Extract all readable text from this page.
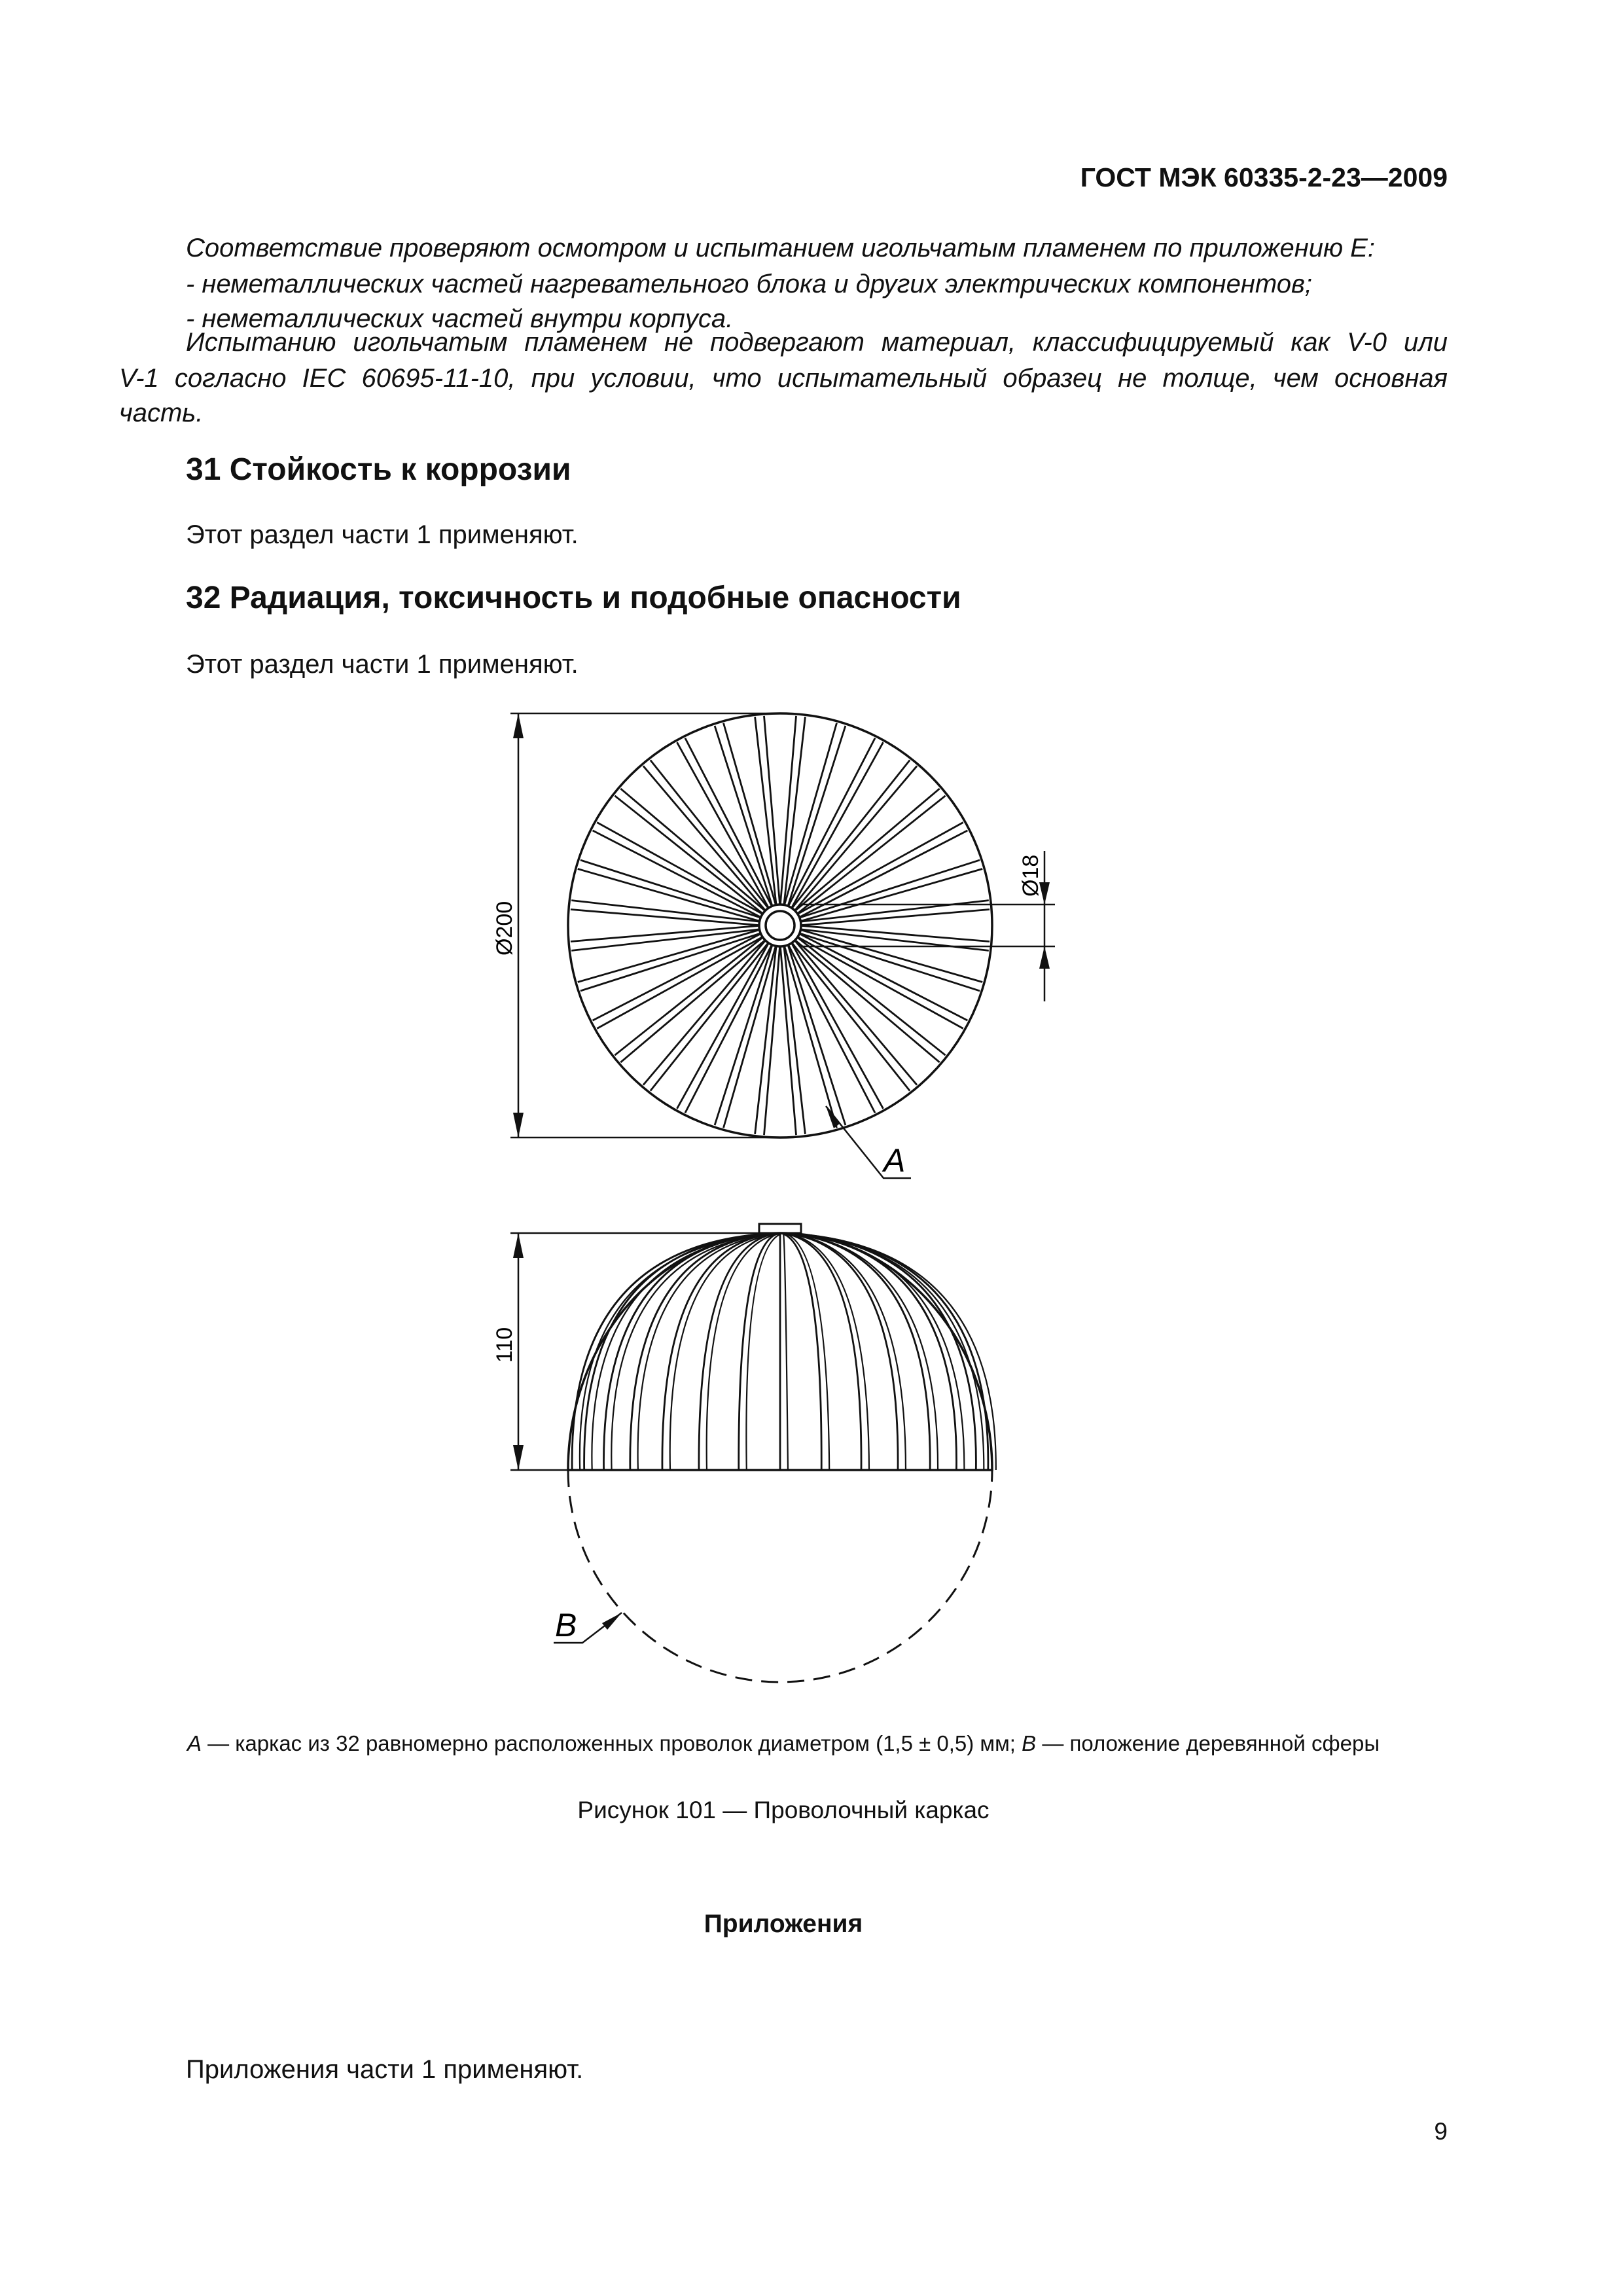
ГОСТ МЭК 60335-2-23—2009
Соответствие проверяют осмотром и испытанием игольчатым пламенем по приложению E:
- неметаллических частей нагревательного блока и других электрических компонентов;
- неметаллических частей внутри корпуса.
Испытанию игольчатым пламенем не подвергают материал, классифицируемый как V-0 или
V-1 согласно IEC 60695-11-10, при условии, что испытательный образец не толще, чем основная
часть.
31 Стойкость к коррозии
Этот раздел части 1 применяют.
32 Радиация, токсичность и подобные опасности
Этот раздел части 1 применяют.
Ø200
Ø18
110
A
B
A — каркас из 32 равномерно расположенных проволок диаметром (1,5 ± 0,5) мм; B — положение деревянной сферы
Рисунок 101 — Проволочный каркас
Приложения
Приложения части 1 применяют.
9
